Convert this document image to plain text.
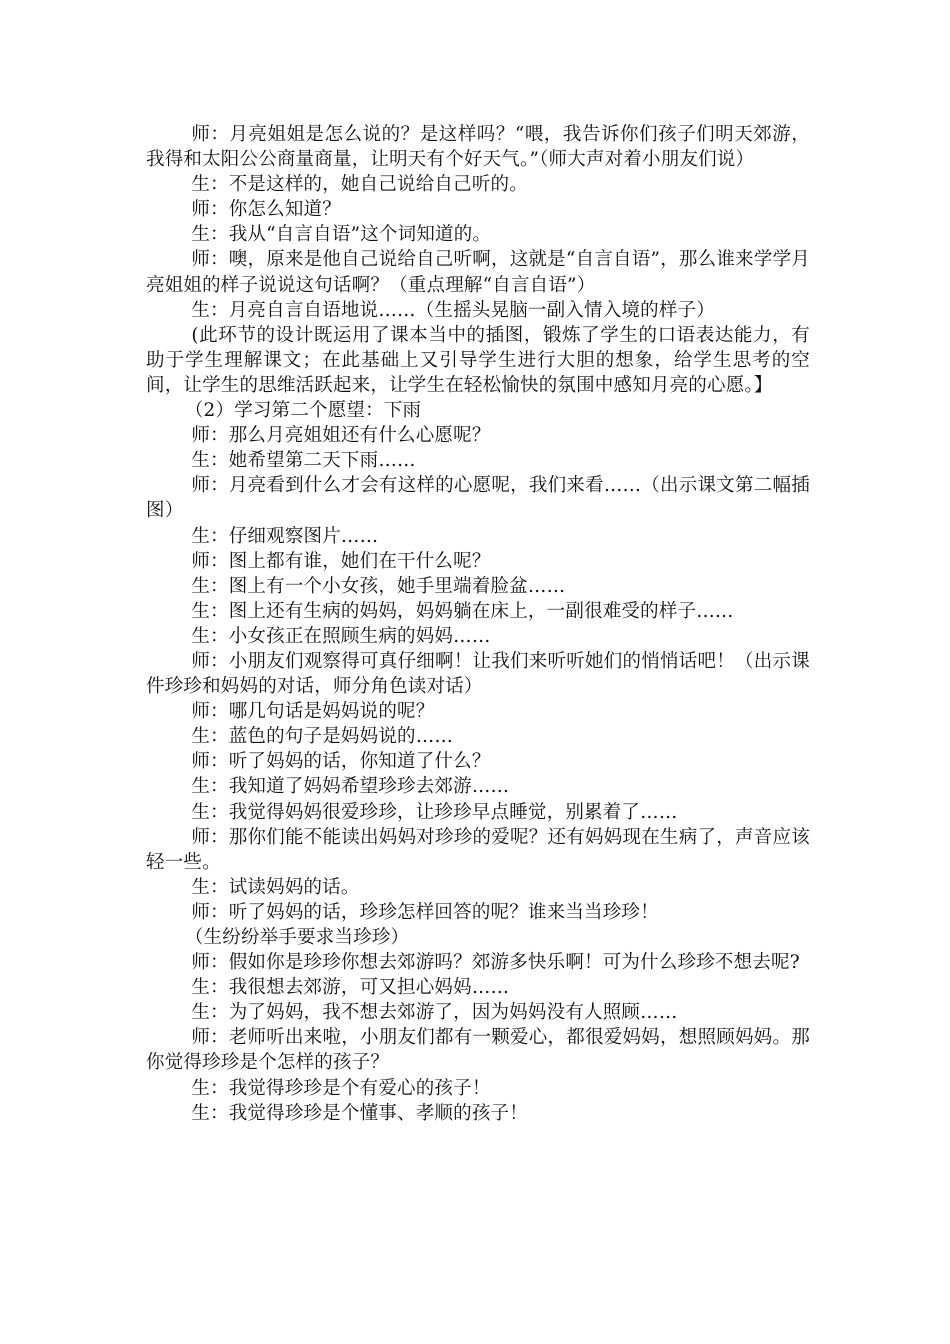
师：月亮姐姐是怎么说的？是这样吗？“喂，我告诉你们孩子们明天郊游，我得和太阳公公商量商量，让明天有个好天气。”（师大声对着小朋友们说）

生：不是这样的，她自己说给自己听的。

师：你怎么知道？

生：我从“自言自语”这个词知道的。

师：噢，原来是他自己说给自己听啊，这就是“自言自语”，那么谁来学学月亮姐姐的样子说说这句话啊？（重点理解“自言自语”）

生：月亮自言自语地说……（生摇头晃脑一副入情入境的样子）

(此环节的设计既运用了课本当中的插图，锻炼了学生的口语表达能力，有助于学生理解课文；在此基础上又引导学生进行大胆的想象，给学生思考的空间，让学生的思维活跃起来，让学生在轻松愉快的氛围中感知月亮的心愿。】

（2）学习第二个愿望：下雨

师：那么月亮姐姐还有什么心愿呢？

生：她希望第二天下雨……

师：月亮看到什么才会有这样的心愿呢，我们来看……（出示课文第二幅插图）

生：仔细观察图片……

师：图上都有谁，她们在干什么呢？

生：图上有一个小女孩，她手里端着脸盆……

生：图上还有生病的妈妈，妈妈躺在床上，一副很难受的样子……

生：小女孩正在照顾生病的妈妈……

师：小朋友们观察得可真仔细啊！让我们来听听她们的悄悄话吧！（出示课件珍珍和妈妈的对话，师分角色读对话）

师：哪几句话是妈妈说的呢？

生：蓝色的句子是妈妈说的……

师：听了妈妈的话，你知道了什么？

生：我知道了妈妈希望珍珍去郊游……

生：我觉得妈妈很爱珍珍，让珍珍早点睡觉，别累着了……

师：那你们能不能读出妈妈对珍珍的爱呢？还有妈妈现在生病了，声音应该轻一些。

生：试读妈妈的话。

师：听了妈妈的话，珍珍怎样回答的呢？谁来当当珍珍！

（生纷纷举手要求当珍珍）

师：假如你是珍珍你想去郊游吗？郊游多快乐啊！可为什么珍珍不想去呢?

生：我很想去郊游，可又担心妈妈……

生：为了妈妈，我不想去郊游了，因为妈妈没有人照顾……

师：老师听出来啦，小朋友们都有一颗爱心，都很爱妈妈，想照顾妈妈。那你觉得珍珍是个怎样的孩子？

生：我觉得珍珍是个有爱心的孩子！

生：我觉得珍珍是个懂事、孝顺的孩子！
